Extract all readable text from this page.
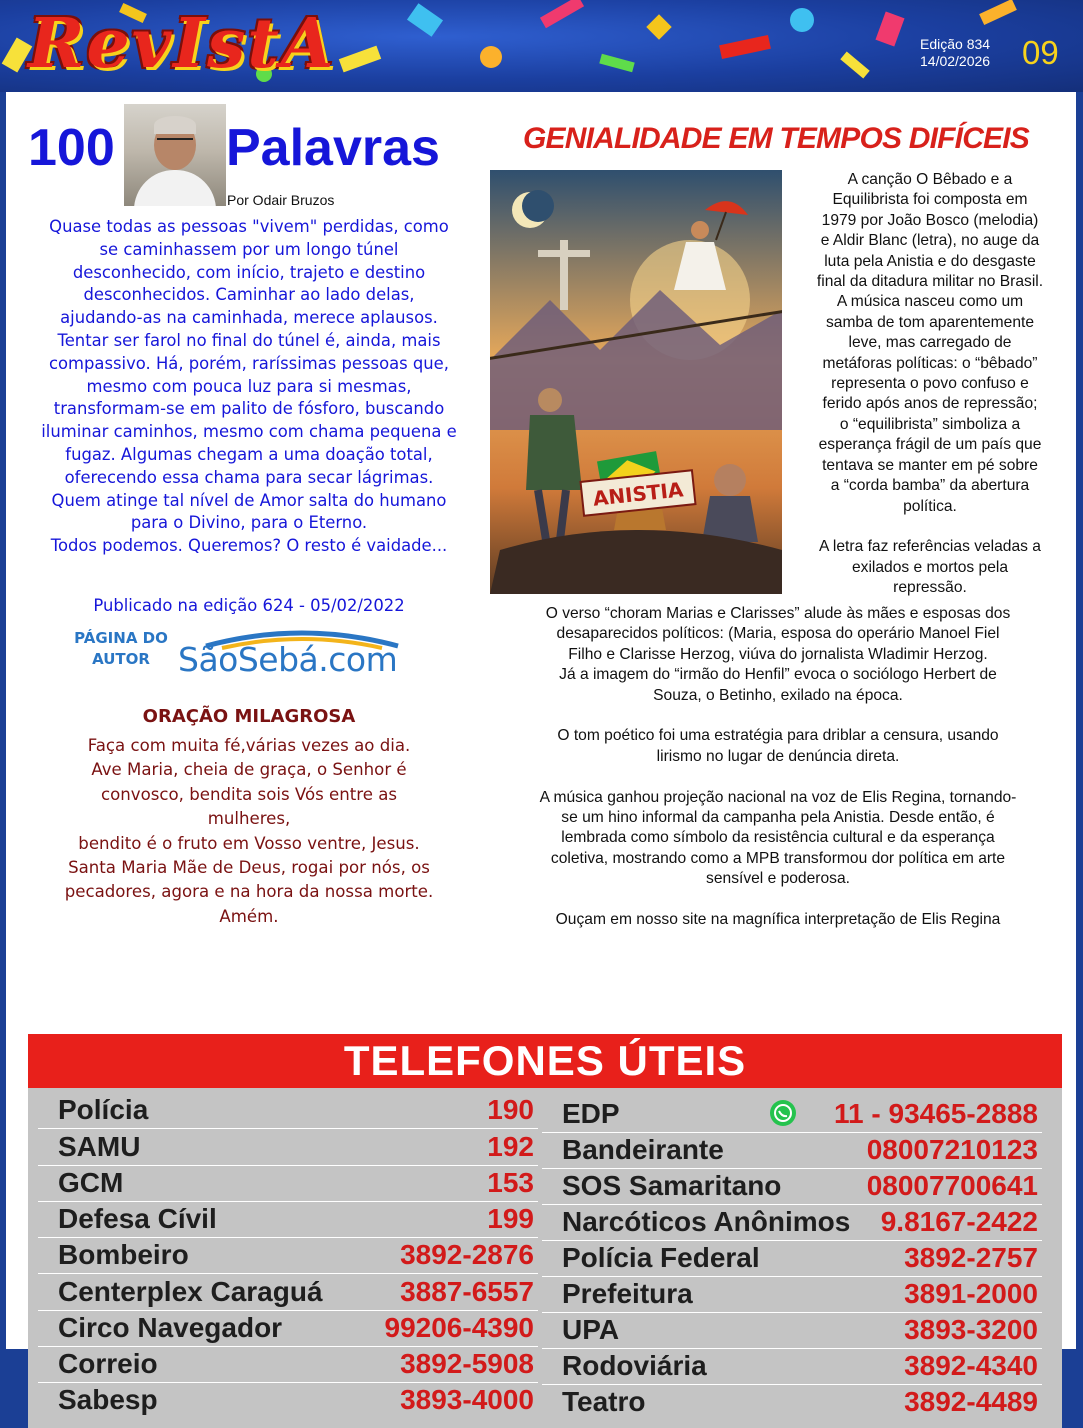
RevIstA	Edição 834
14/02/2026 09
100 Palavras
Por Odair Bruzos
Quase todas as pessoas "vivem" perdidas, como
se caminhassem por um longo túnel
desconhecido, com início, trajeto e destino
desconhecidos. Caminhar ao lado delas,
ajudando-as na caminhada, merece aplausos.
Tentar ser farol no final do túnel é, ainda, mais
compassivo. Há, porém, raríssimas pessoas que,
mesmo com pouca luz para si mesmas,
transformam-se em palito de fósforo, buscando
iluminar caminhos, mesmo com chama pequena e
fugaz. Algumas chegam a uma doação total,
oferecendo essa chama para secar lágrimas.
Quem atinge tal nível de Amor salta do humano
para o Divino, para o Eterno.
Todos podemos. Queremos? O resto é vaidade...
Publicado na edição 624 - 05/02/2022
PÁGINA DO AUTOR SãoSebá.com
ORAÇÃO MILAGROSA
Faça com muita fé,várias vezes ao dia.
Ave Maria, cheia de graça, o Senhor é
convosco, bendita sois Vós entre as
mulheres,
bendito é o fruto em Vosso ventre, Jesus.
Santa Maria Mãe de Deus, rogai por nós, os
pecadores, agora e na hora da nossa morte.
Amém.
GENIALIDADE EM TEMPOS DIFÍCEIS
ANISTIA

A canção O Bêbado e a

Equilibrista foi composta em

1979 por João Bosco (melodia)

e Aldir Blanc (letra), no auge da

luta pela Anistia e do desgaste

final da ditadura militar no Brasil.

A música nasceu como um

samba de tom aparentemente

leve, mas carregado de

metáforas políticas: o “bêbado”

representa o povo confuso e

ferido após anos de repressão;

o “equilibrista” simboliza a

esperança frágil de um país que

tentava se manter em pé sobre

a “corda bamba” da abertura

política.

A letra faz referências veladas a

exilados e mortos pela

repressão.

O verso “choram Marias e Clarisses” alude às mães e esposas dos

desaparecidos políticos: (Maria, esposa do operário Manoel Fiel

Filho e Clarisse Herzog, viúva do jornalista Wladimir Herzog.

Já a imagem do “irmão do Henfil” evoca o sociólogo Herbert de

Souza, o Betinho, exilado na época.

O tom poético foi uma estratégia para driblar a censura, usando

lirismo no lugar de denúncia direta.

A música ganhou projeção nacional na voz de Elis Regina, tornando-

se um hino informal da campanha pela Anistia. Desde então, é

lembrada como símbolo da resistência cultural e da esperança

coletiva, mostrando como a MPB transformou dor política em arte

sensível e poderosa.

Ouçam em nosso site na magnífica interpretação de Elis Regina

TELEFONES ÚTEIS
Polícia	190
SAMU	192
GCM	153
Defesa Cívil	199
Bombeiro	3892-2876
Centerplex Caraguá	3887-6557
Circo Navegador	99206-4390
Correio	3892-5908
Sabesp	3893-4000
EDP	11 - 93465-2888
Bandeirante	08007210123
SOS Samaritano	08007700641
Narcóticos Anônimos 9.8167-2422
Polícia Federal	3892-2757
Prefeitura	3891-2000
UPA	3893-3200
Rodoviária	3892-4340
Teatro	3892-4489
